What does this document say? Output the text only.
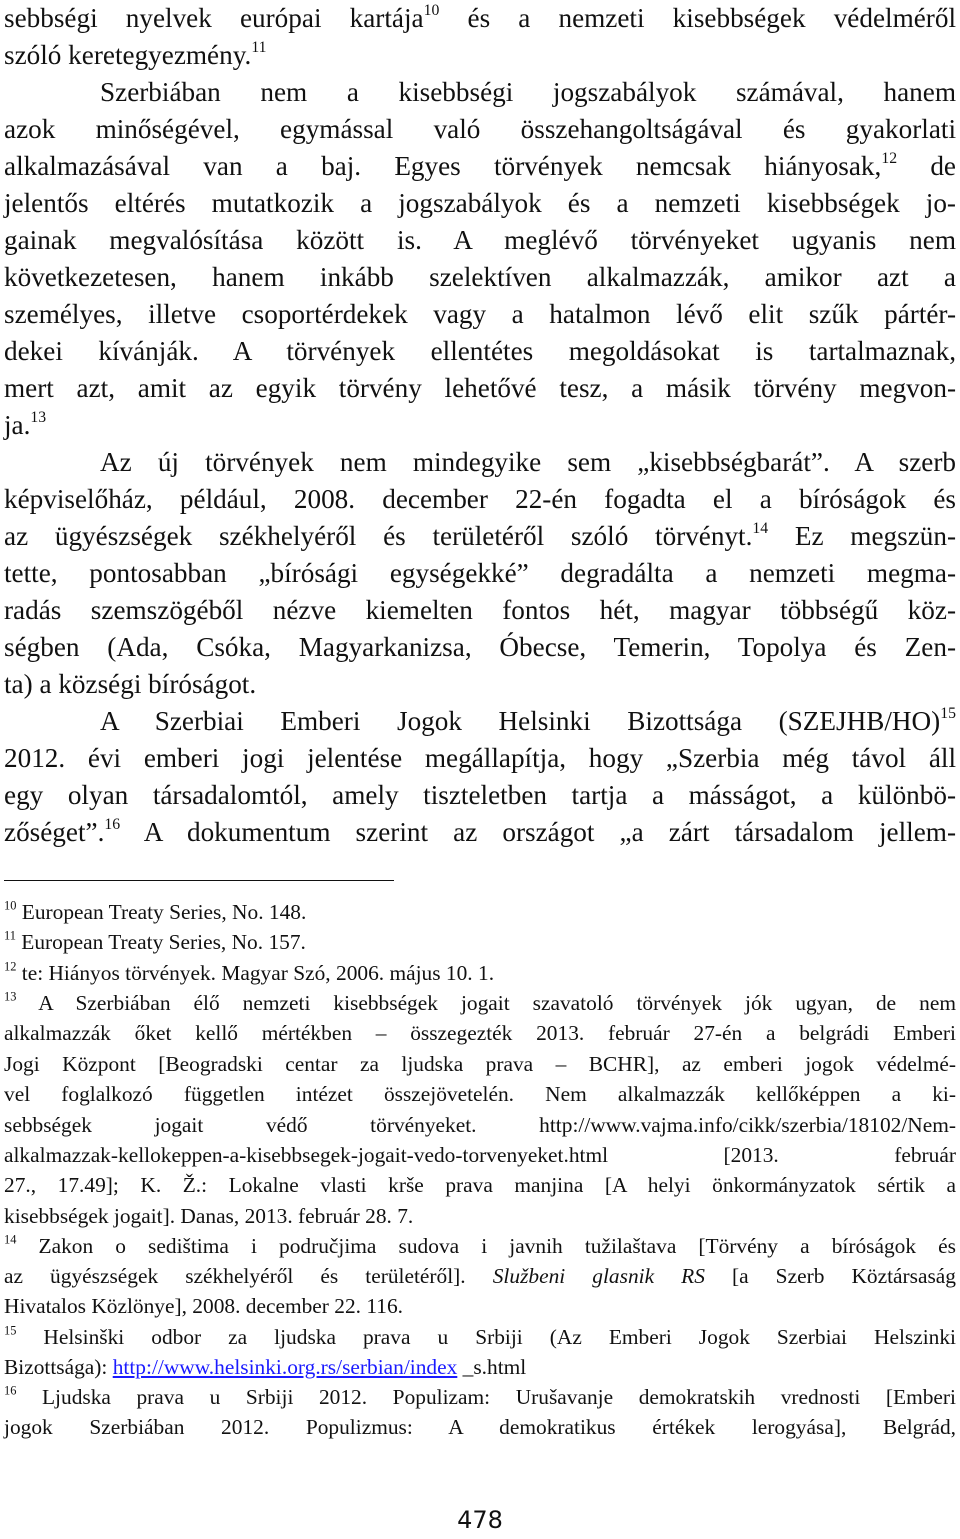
sebbségi nyelvek európai kartája$^{10}$ és a nemzeti kisebbségek védelméről
szóló keretegyezmény.$^{11}$
Szerbiában nem a kisebbségi jogszabályok számával, hanem
azok minőségével, egymással való összehangoltságával és gyakorlati
alkalmazásával van a baj. Egyes törvények nemcsak hiányosak,$^{12}$ de
jelentős eltérés mutatkozik a jogszabályok és a nemzeti kisebbségek jo-
gainak megvalósítása között is. A meglévő törvényeket ugyanis nem
következetesen, hanem inkább szelektíven alkalmazzák, amikor azt a
személyes, illetve csoportérdekek vagy a hatalmon lévő elit szűk pártér-
dekei kívánják. A törvények ellentétes megoldásokat is tartalmaznak,
mert azt, amit az egyik törvény lehetővé tesz, a másik törvény megvon-
ja.$^{13}$
Az új törvények nem mindegyike sem „kisebbségbarát”. A szerb
képviselőház, például, 2008. december 22-én fogadta el a bíróságok és
az ügyészségek székhelyéről és területéről szóló törvényt.$^{14}$ Ez megszün-
tette, pontosabban „bírósági egységekké” degradálta a nemzeti megma-
radás szemszögéből nézve kiemelten fontos hét, magyar többségű köz-
ségben (Ada, Csóka, Magyarkanizsa, Óbecse, Temerin, Topolya és Zen-
ta) a községi bíróságot.
A Szerbiai Emberi Jogok Helsinki Bizottsága (SZEJHB/HO)$^{15}$
2012. évi emberi jogi jelentése megállapítja, hogy „Szerbia még távol áll
egy olyan társadalomtól, amely tiszteletben tartja a másságot, a különbö-
zőséget”.$^{16}$ A dokumentum szerint az országot „a zárt társadalom jellem-
$^{10}$ European Treaty Series, No. 148.
$^{11}$ European Treaty Series, No. 157.
$^{12}$ te: Hiányos törvények. Magyar Szó, 2006. május 10. 1.
$^{13}$ A Szerbiában élő nemzeti kisebbségek jogait szavatoló törvények jók ugyan, de nem
alkalmazzák őket kellő mértékben – összegezték 2013. február 27-én a belgrádi Emberi
Jogi Központ [Beogradski centar za ljudska prava – BCHR], az emberi jogok védelmé-
vel foglalkozó független intézet összejövetelén. Nem alkalmazzák kellőképpen a ki-
sebbségek jogait védő törvényeket. http://www.vajma.info/cikk/szerbia/18102/Nem-
alkalmazzak-kellokeppen-a-kisebbsegek-jogait-vedo-torvenyeket.html [2013. február
27., 17.49]; K. Ž.: Lokalne vlasti krše prava manjina [A helyi önkormányzatok sértik a
kisebbségek jogait]. Danas, 2013. február 28. 7.
$^{14}$ Zakon o sedištima i područjima sudova i javnih tužilaštava [Törvény a bíróságok és
az ügyészségek székhelyéről és területéről]. Službeni glasnik RS [a Szerb Köztársaság
Hivatalos Közlönye], 2008. december 22. 116.
$^{15}$ Helsinški odbor za ljudska prava u Srbiji (Az Emberi Jogok Szerbiai Helszinki
Bizottsága): http://www.helsinki.org.rs/serbian/index _s.html
$^{16}$ Ljudska prava u Srbiji 2012. Populizam: Urušavanje demokratskih vrednosti [Emberi
jogok Szerbiában 2012. Populizmus: A demokratikus értékek lerogyása], Belgrád,
478
